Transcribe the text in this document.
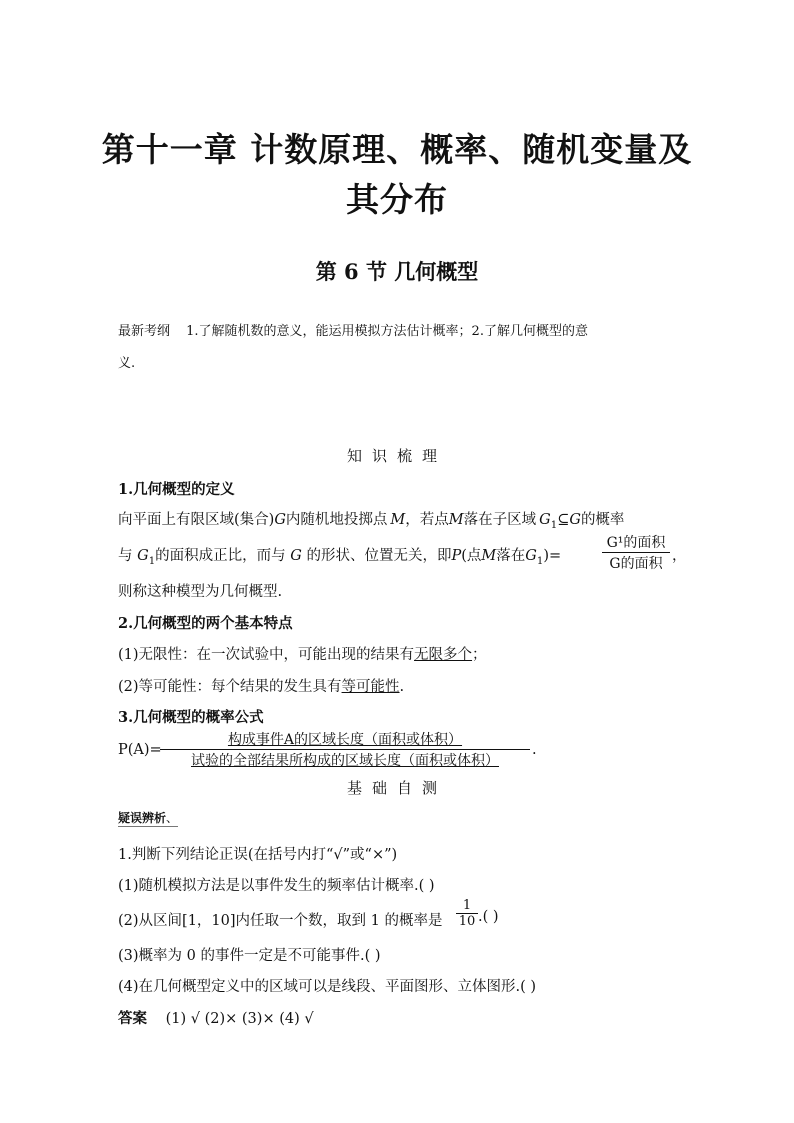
第十一章 计数原理、概率、随机变量及
其分布
第 6 节 几何概型
最新考纲 1.了解随机数的意义，能运用模拟方法估计概率；2.了解几何概型的意
义.
知识梳理
1.几何概型的定义
向平面上有限区域(集合)G内随机地投掷点 M，若点M落在子区域 $G_1⊆G$的概率
与 $G_1$的面积成正比，而与 G 的形状、位置无关，即P(点M落在$G_1)=$
G¹的面积
G的面积 ，
则称这种模型为几何概型.
2.几何概型的两个基本特点
(1)无限性：在一次试验中，可能出现的结果有无限多个；
(2)等可能性：每个结果的发生具有等可能性.
3.几何概型的概率公式
P(A)=
构成事件A的区域长度（面积或体积）
试验的全部结果所构成的区域长度（面积或体积）
.
基础自测
疑误辨析、
1.判断下列结论正误(在括号内打“√”或“×”)
(1)随机模拟方法是以事件发生的频率估计概率.( )
(2)从区间[1，10]内任取一个数，取到 1 的概率是
1
10 .( )
(3)概率为 0 的事件一定是不可能事件.( )
(4)在几何概型定义中的区域可以是线段、平面图形、立体图形.( )
答案 (1) √ (2)× (3)× (4) √
